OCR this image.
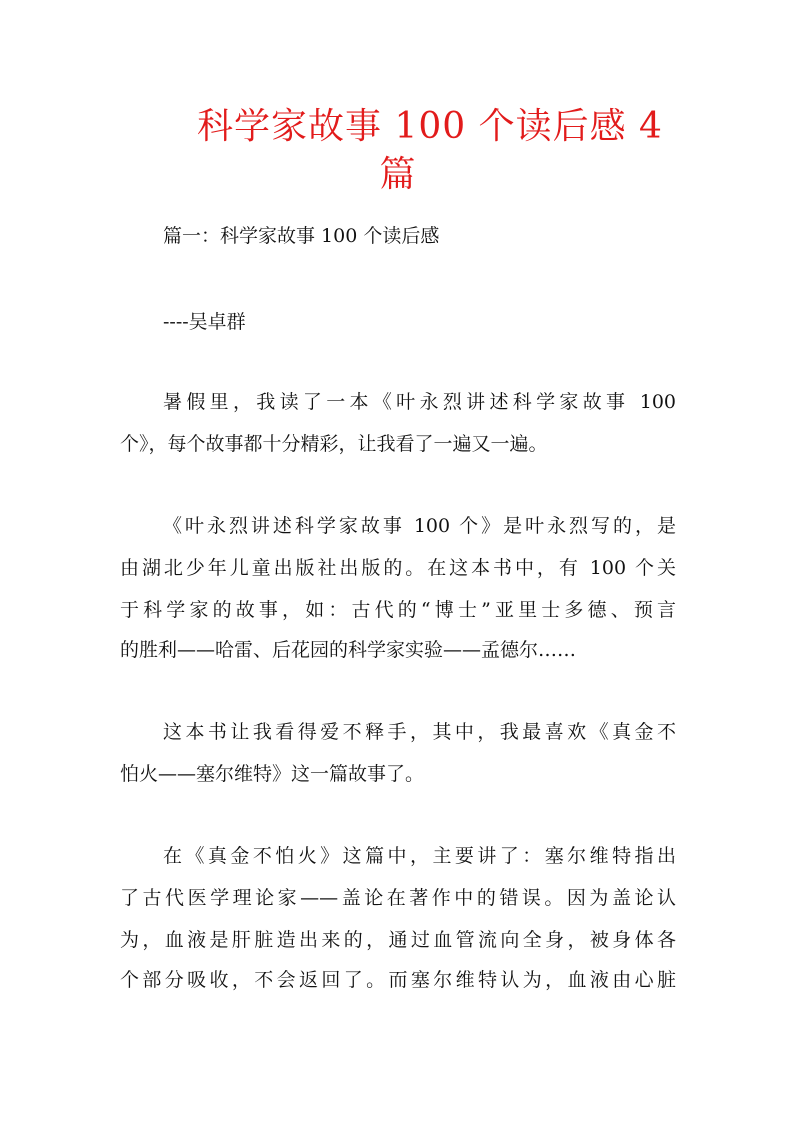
科学家故事 100 个读后感 4
篇
篇一：科学家故事 100 个读后感
----吴卓群
暑假里，我读了一本《叶永烈讲述科学家故事 100
个》，每个故事都十分精彩，让我看了一遍又一遍。
《叶永烈讲述科学家故事 100 个》是叶永烈写的，是
由湖北少年儿童出版社出版的。在这本书中，有 100 个关
于科学家的故事，如：古代的“博士”亚里士多德、预言
的胜利——哈雷、后花园的科学家实验——孟德尔……
这本书让我看得爱不释手，其中，我最喜欢《真金不
怕火——塞尔维特》这一篇故事了。
在《真金不怕火》这篇中，主要讲了：塞尔维特指出
了古代医学理论家——盖论在著作中的错误。因为盖论认
为，血液是肝脏造出来的，通过血管流向全身，被身体各
个部分吸收，不会返回了。而塞尔维特认为，血液由心脏
